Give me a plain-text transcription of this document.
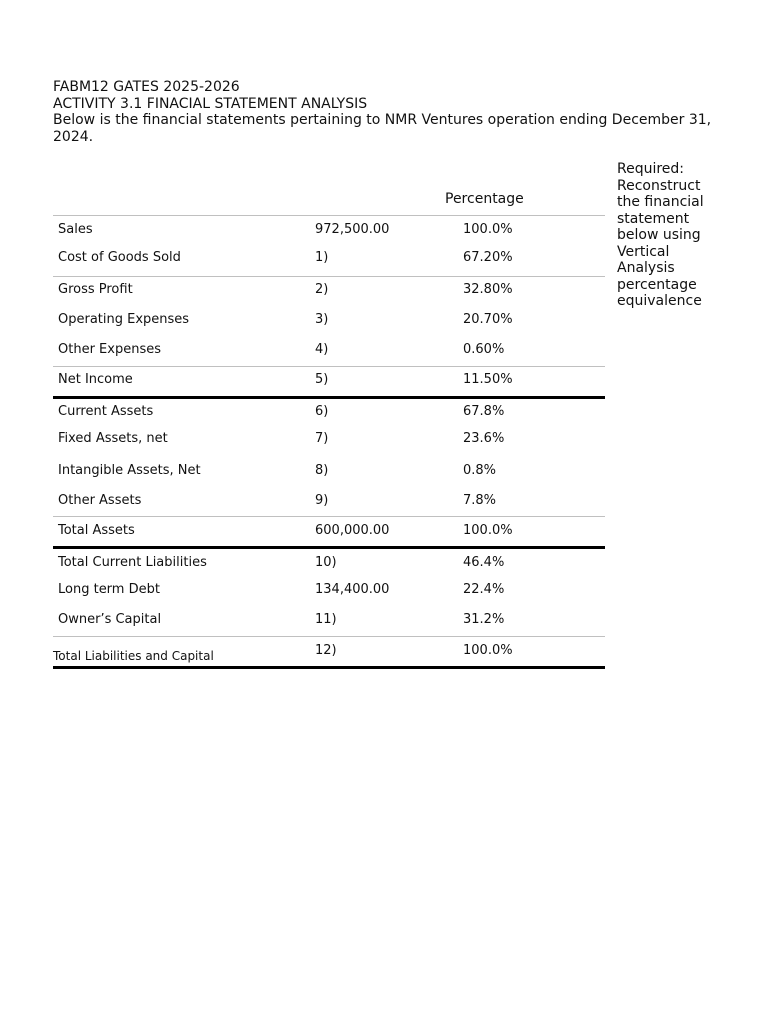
FABM12 GATES 2025-2026
ACTIVITY 3.1 FINACIAL STATEMENT ANALYSIS
Below is the financial statements pertaining to NMR Ventures operation ending December 31, 2024.
Required: Reconstruct the financial statement below using Vertical Analysis percentage equivalence
Percentage
Sales	972,500.00	100.0%
Cost of Goods Sold	1)	67.20%
Gross Profit	2)	32.80%
Operating Expenses	3)	20.70%
Other Expenses	4)	0.60%
Net Income	5)	11.50%
Current Assets	6)	67.8%
Fixed Assets, net	7)	23.6%
Intangible Assets, Net	8)	0.8%
Other Assets	9)	7.8%
Total Assets	600,000.00	100.0%
Total Current Liabilities	10)	46.4%
Long term Debt	134,400.00	22.4%
Owner’s Capital	11)	31.2%
Total Liabilities and Capital	12)	100.0%
